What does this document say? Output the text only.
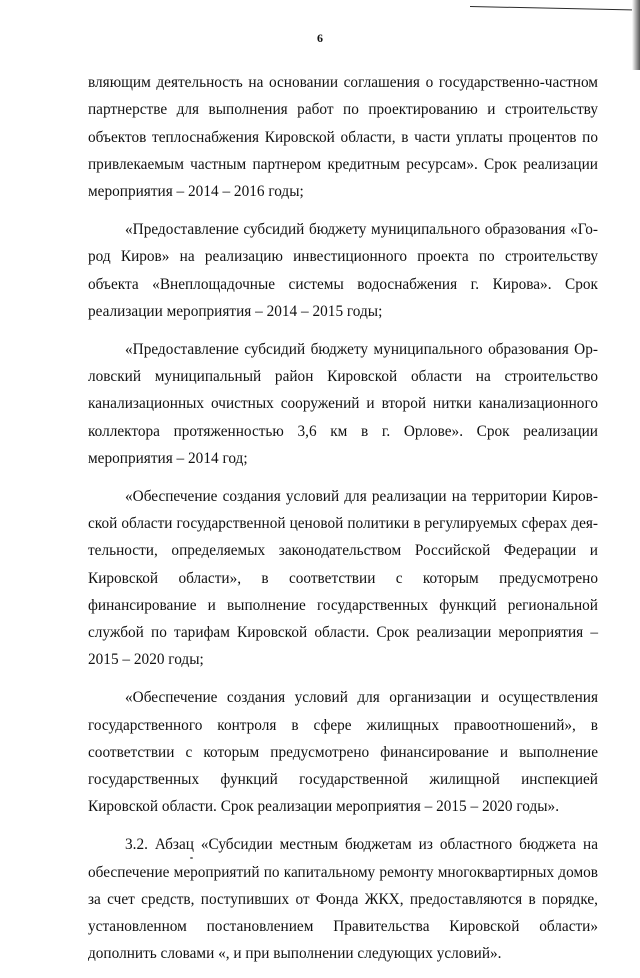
6

вляющим деятельность на основании соглашения о государственно-частном партнерстве для выполнения работ по проектированию и строительству объектов теплоснабжения Кировской области, в части уплаты процентов по привлекаемым частным партнером кредитным ресурсам». Срок реализации мероприятия – 2014 – 2016 годы;

«Предоставление субсидий бюджету муниципального образования «Город Киров» на реализацию инвестиционного проекта по строительству объекта «Внеплощадочные системы водоснабжения г. Кирова». Срок реализации мероприятия – 2014 – 2015 годы;

«Предоставление субсидий бюджету муниципального образования Орловский муниципальный район Кировской области на строительство канализационных очистных сооружений и второй нитки канализационного коллектора протяженностью 3,6 км в г. Орлове». Срок реализации мероприятия – 2014 год;

«Обеспечение создания условий для реализации на территории Кировской области государственной ценовой политики в регулируемых сферах деятельности, определяемых законодательством Российской Федерации и Кировской области», в соответствии с которым предусмотрено финансирование и выполнение государственных функций региональной службой по тарифам Кировской области. Срок реализации мероприятия – 2015 – 2020 годы;

«Обеспечение создания условий для организации и осуществления государственного контроля в сфере жилищных правоотношений», в соответствии с которым предусмотрено финансирование и выполнение государственных функций государственной жилищной инспекцией Кировской области. Срок реализации мероприятия – 2015 – 2020 годы».

3.2. Абзац «Субсидии местным бюджетам из областного бюджета на обеспечение мероприятий по капитальному ремонту многоквартирных домов за счет средств, поступивших от Фонда ЖКХ, предоставляются в порядке, установленном постановлением Правительства Кировской области» дополнить словами «, и при выполнении следующих условий».
